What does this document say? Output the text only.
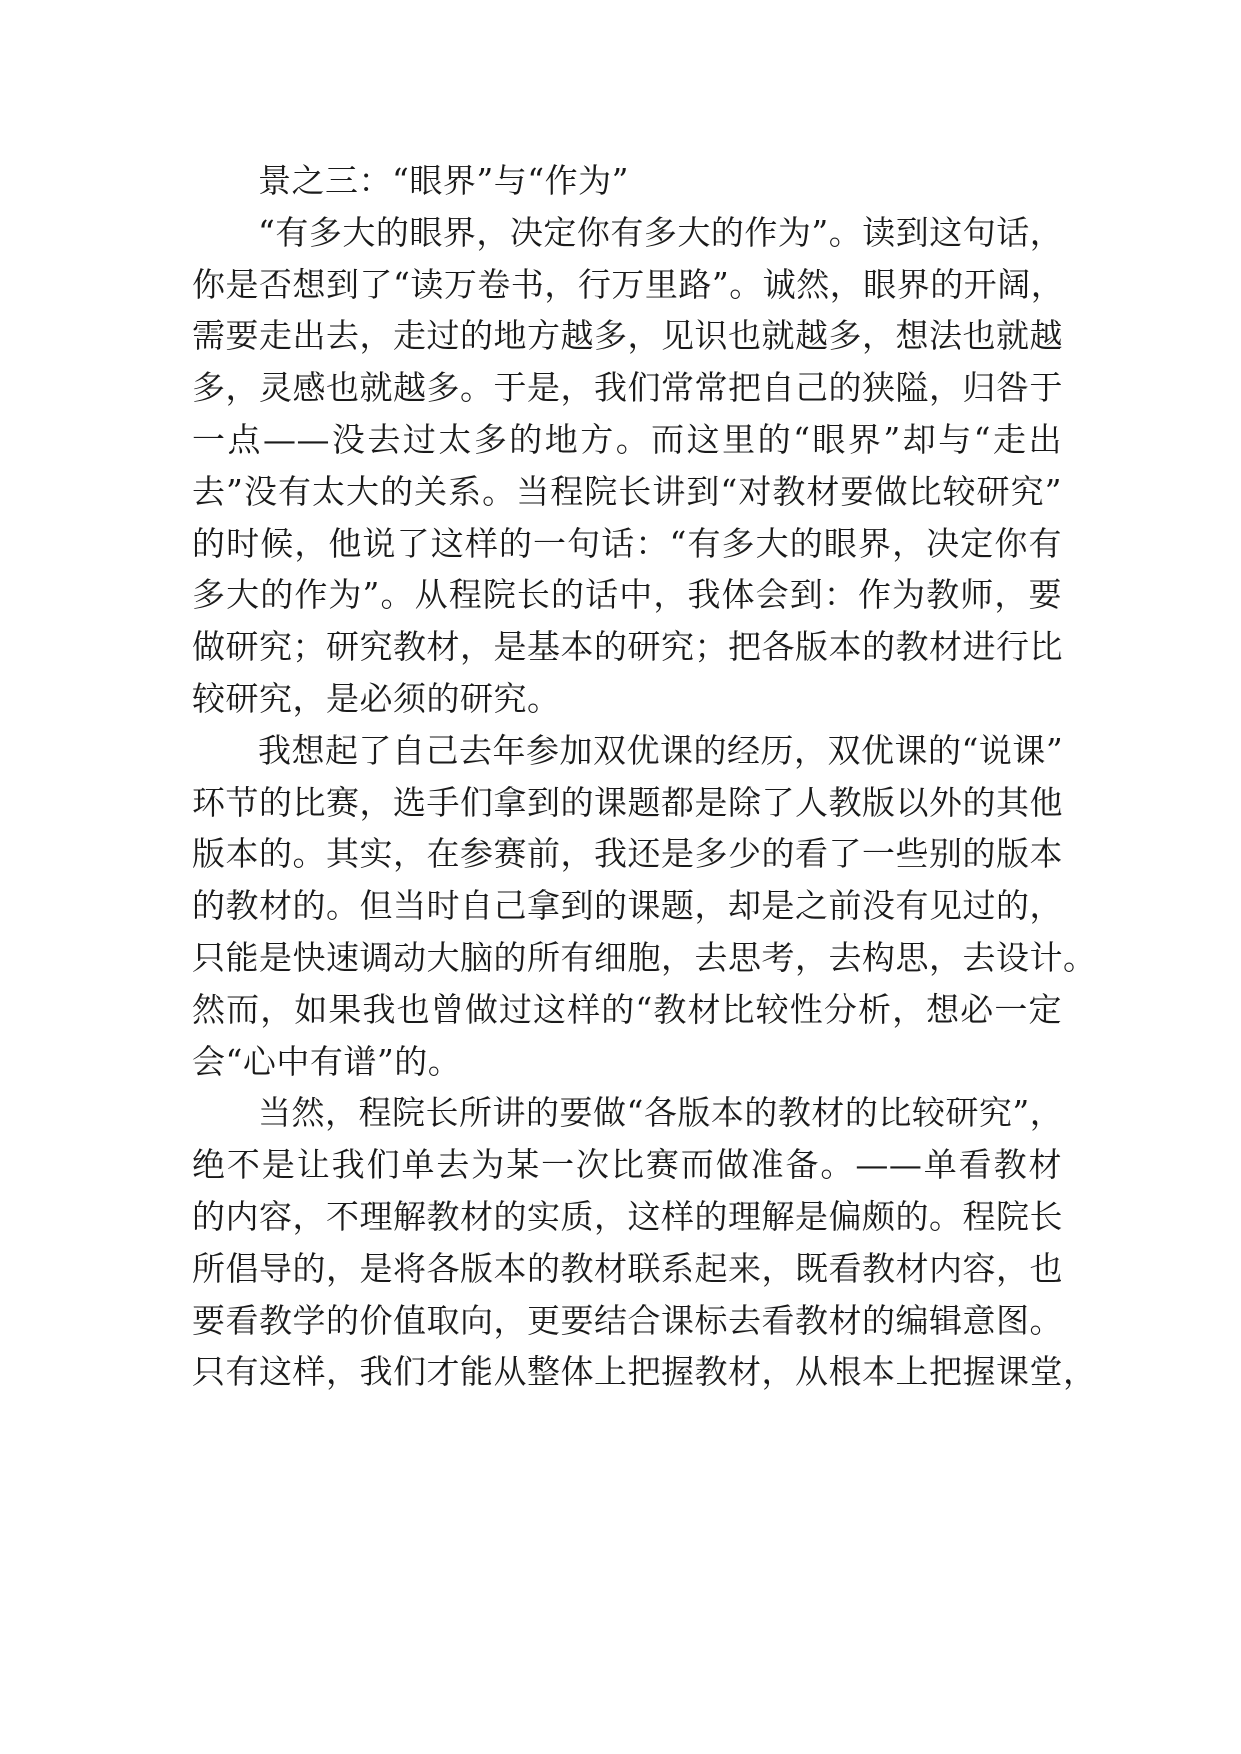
景之三：“眼界”与“作为”
“有多大的眼界，决定你有多大的作为”。读到这句话，
你是否想到了“读万卷书，行万里路”。诚然，眼界的开阔，
需要走出去，走过的地方越多，见识也就越多，想法也就越
多，灵感也就越多。于是，我们常常把自己的狭隘，归咎于
一点——没去过太多的地方。而这里的“眼界”却与“走出
去”没有太大的关系。当程院长讲到“对教材要做比较研究”
的时候，他说了这样的一句话：“有多大的眼界，决定你有
多大的作为”。从程院长的话中，我体会到：作为教师，要
做研究；研究教材，是基本的研究；把各版本的教材进行比
较研究，是必须的研究。
我想起了自己去年参加双优课的经历，双优课的“说课”
环节的比赛，选手们拿到的课题都是除了人教版以外的其他
版本的。其实，在参赛前，我还是多少的看了一些别的版本
的教材的。但当时自己拿到的课题，却是之前没有见过的，
只能是快速调动大脑的所有细胞，去思考，去构思，去设计。
然而，如果我也曾做过这样的“教材比较性分析，想必一定
会“心中有谱”的。
当然，程院长所讲的要做“各版本的教材的比较研究”，
绝不是让我们单去为某一次比赛而做准备。——单看教材
的内容，不理解教材的实质，这样的理解是偏颇的。程院长
所倡导的，是将各版本的教材联系起来，既看教材内容，也
要看教学的价值取向，更要结合课标去看教材的编辑意图。
只有这样，我们才能从整体上把握教材，从根本上把握课堂，
